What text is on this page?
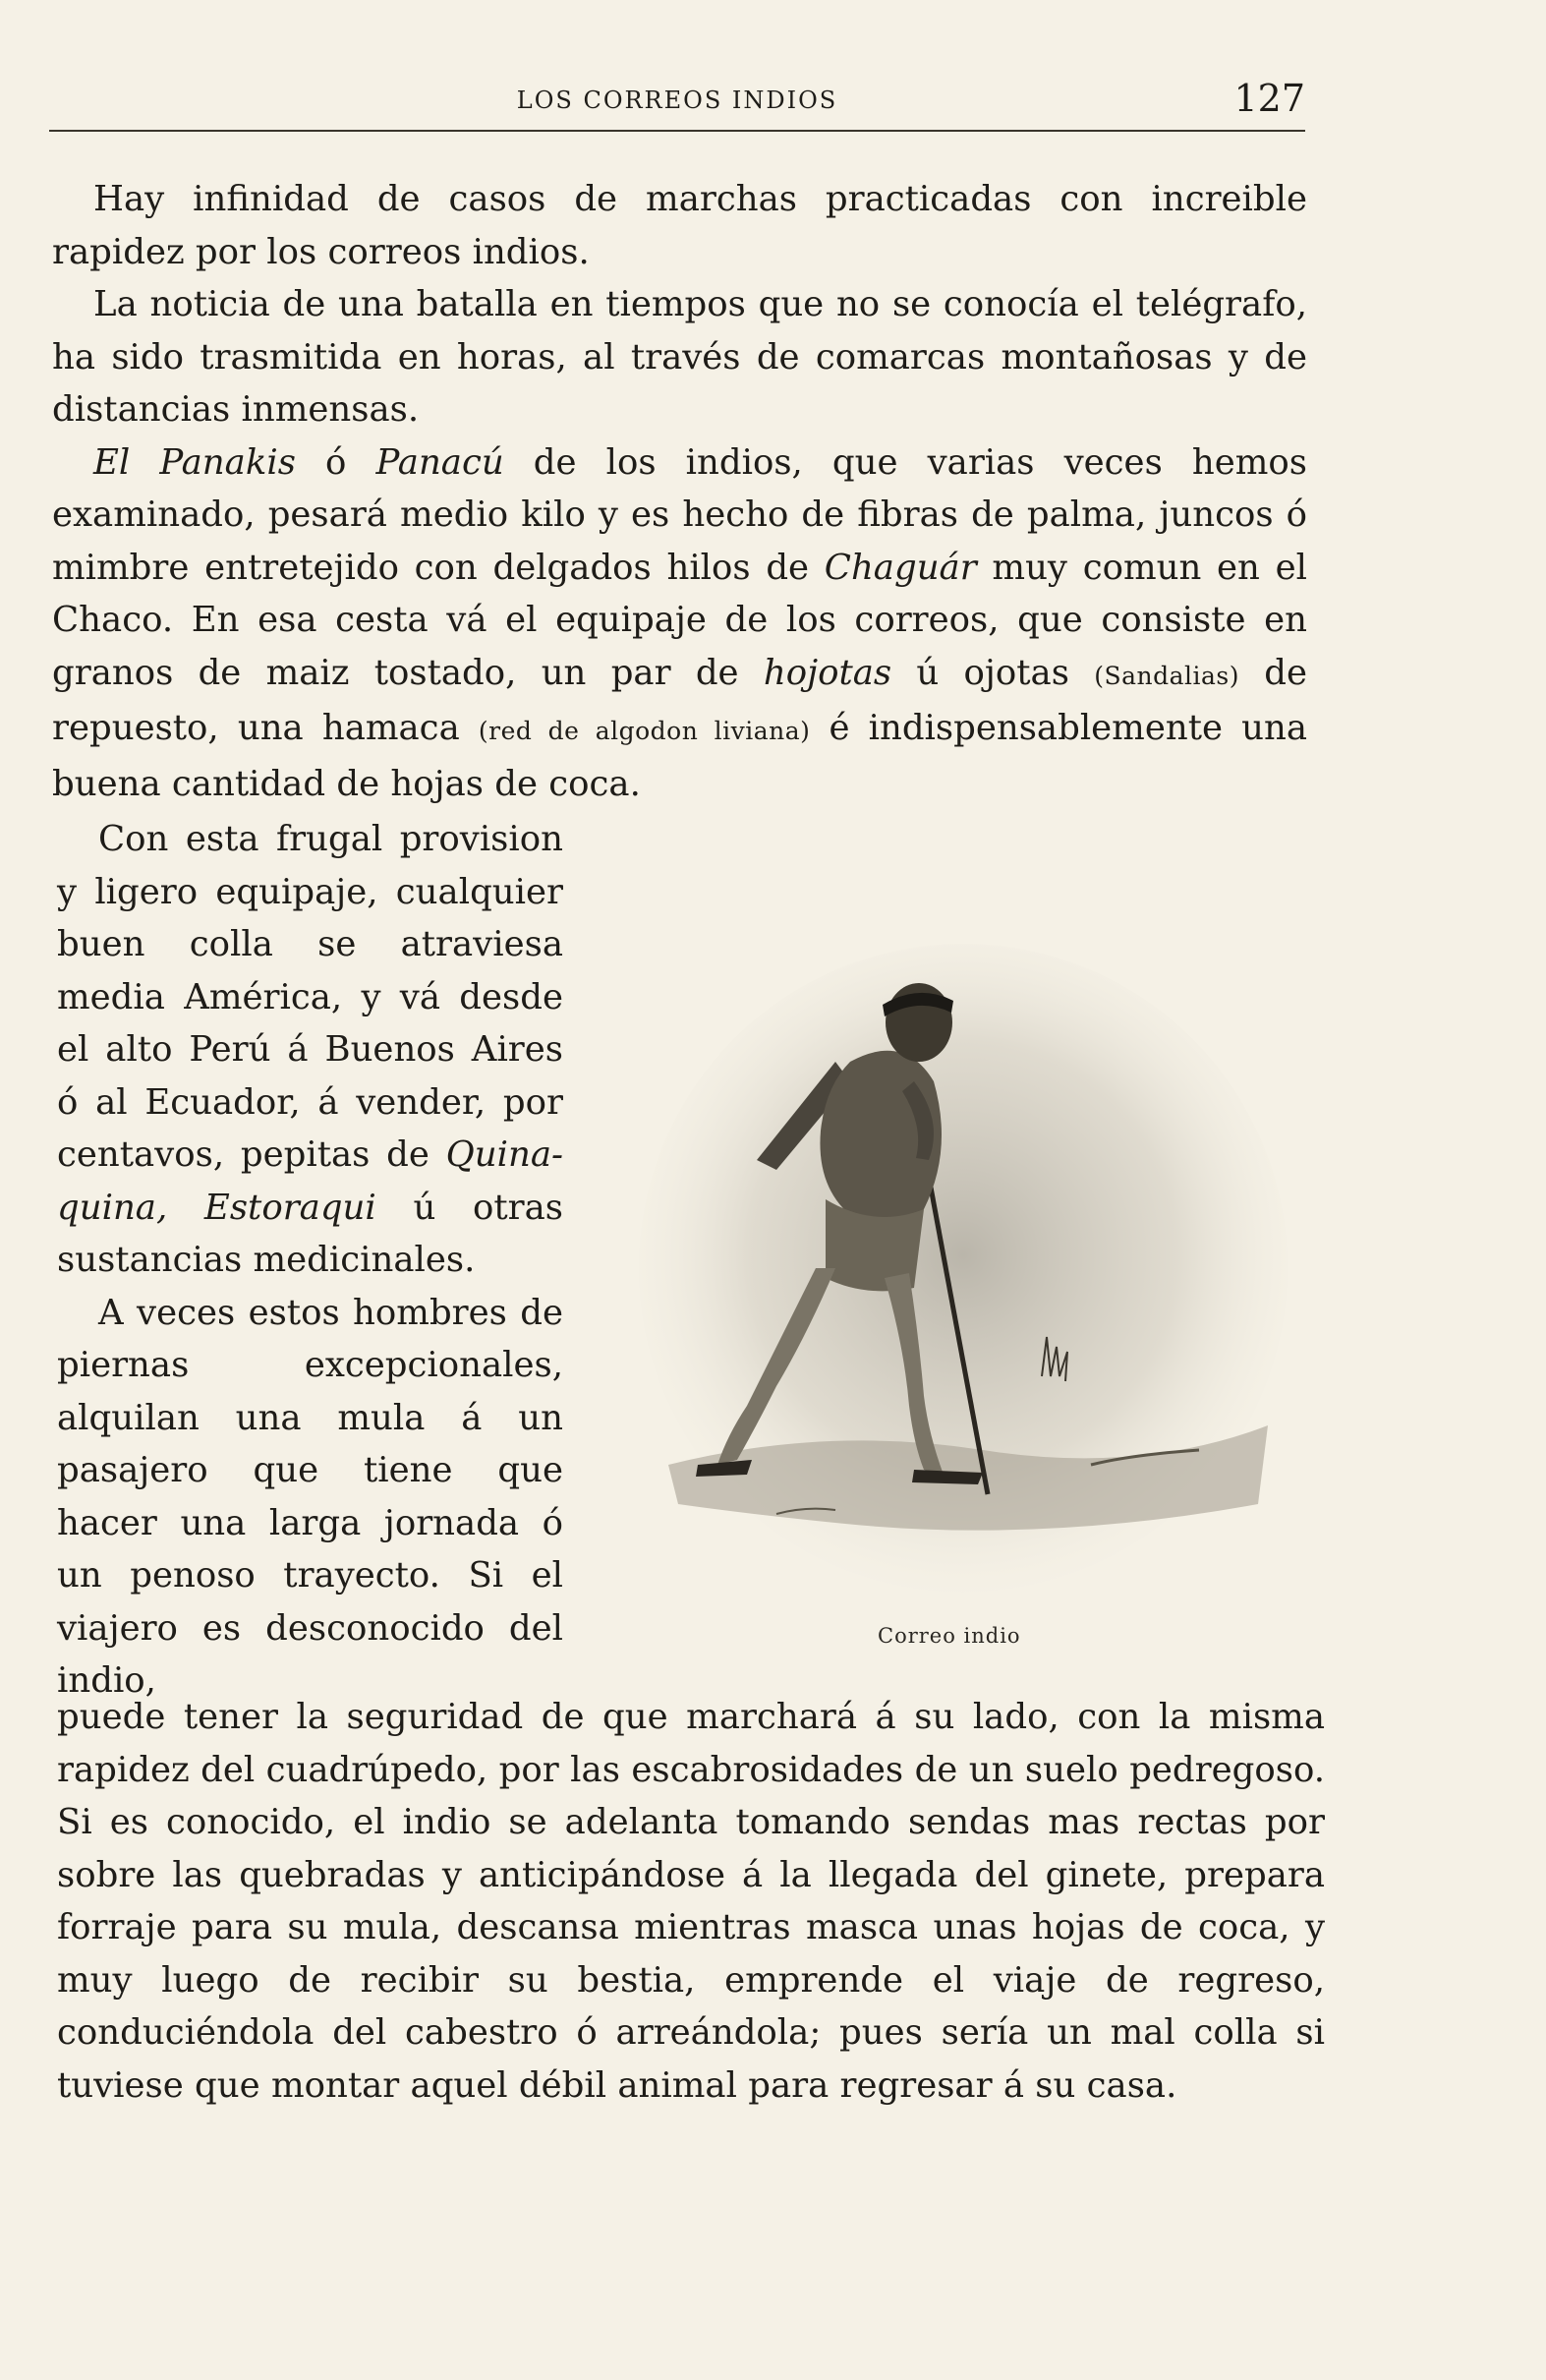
LOS CORREOS INDIOS	127

Hay infinidad de casos de marchas practicadas con increible rapidez por los correos indios.

La noticia de una batalla en tiempos que no se conocía el telégrafo, ha sido trasmitida en horas, al través de comarcas montañosas y de distancias inmensas.

El Panakis ó Panacú de los indios, que varias veces hemos examinado, pesará medio kilo y es hecho de fibras de palma, juncos ó mimbre entretejido con delgados hilos de Chaguár muy comun en el Chaco. En esa cesta vá el equipaje de los correos, que consiste en granos de maiz tostado, un par de hojotas ú ojotas (Sandalias) de repuesto, una hamaca (red de algodon liviana) é indispensablemente una buena cantidad de hojas de coca.

Con esta frugal provision y ligero equipaje, cualquier buen colla se atraviesa media América, y vá desde el alto Perú á Buenos Aires ó al Ecuador, á vender, por centavos, pepitas de Quina-quina, Estoraqui ú otras sustancias medicinales.

A veces estos hombres de piernas excepcionales, alquilan una mula á un pasajero que tiene que hacer una larga jornada ó un penoso trayecto. Si el viajero es desconocido del indio,

Correo indio

puede tener la seguridad de que marchará á su lado, con la misma rapidez del cuadrúpedo, por las escabrosidades de un suelo pedregoso. Si es conocido, el indio se adelanta tomando sendas mas rectas por sobre las quebradas y anticipándose á la llegada del ginete, prepara forraje para su mula, descansa mientras masca unas hojas de coca, y muy luego de recibir su bestia, emprende el viaje de regreso, conduciéndola del cabestro ó arreándola; pues sería un mal colla si tuviese que montar aquel débil animal para regresar á su casa.
